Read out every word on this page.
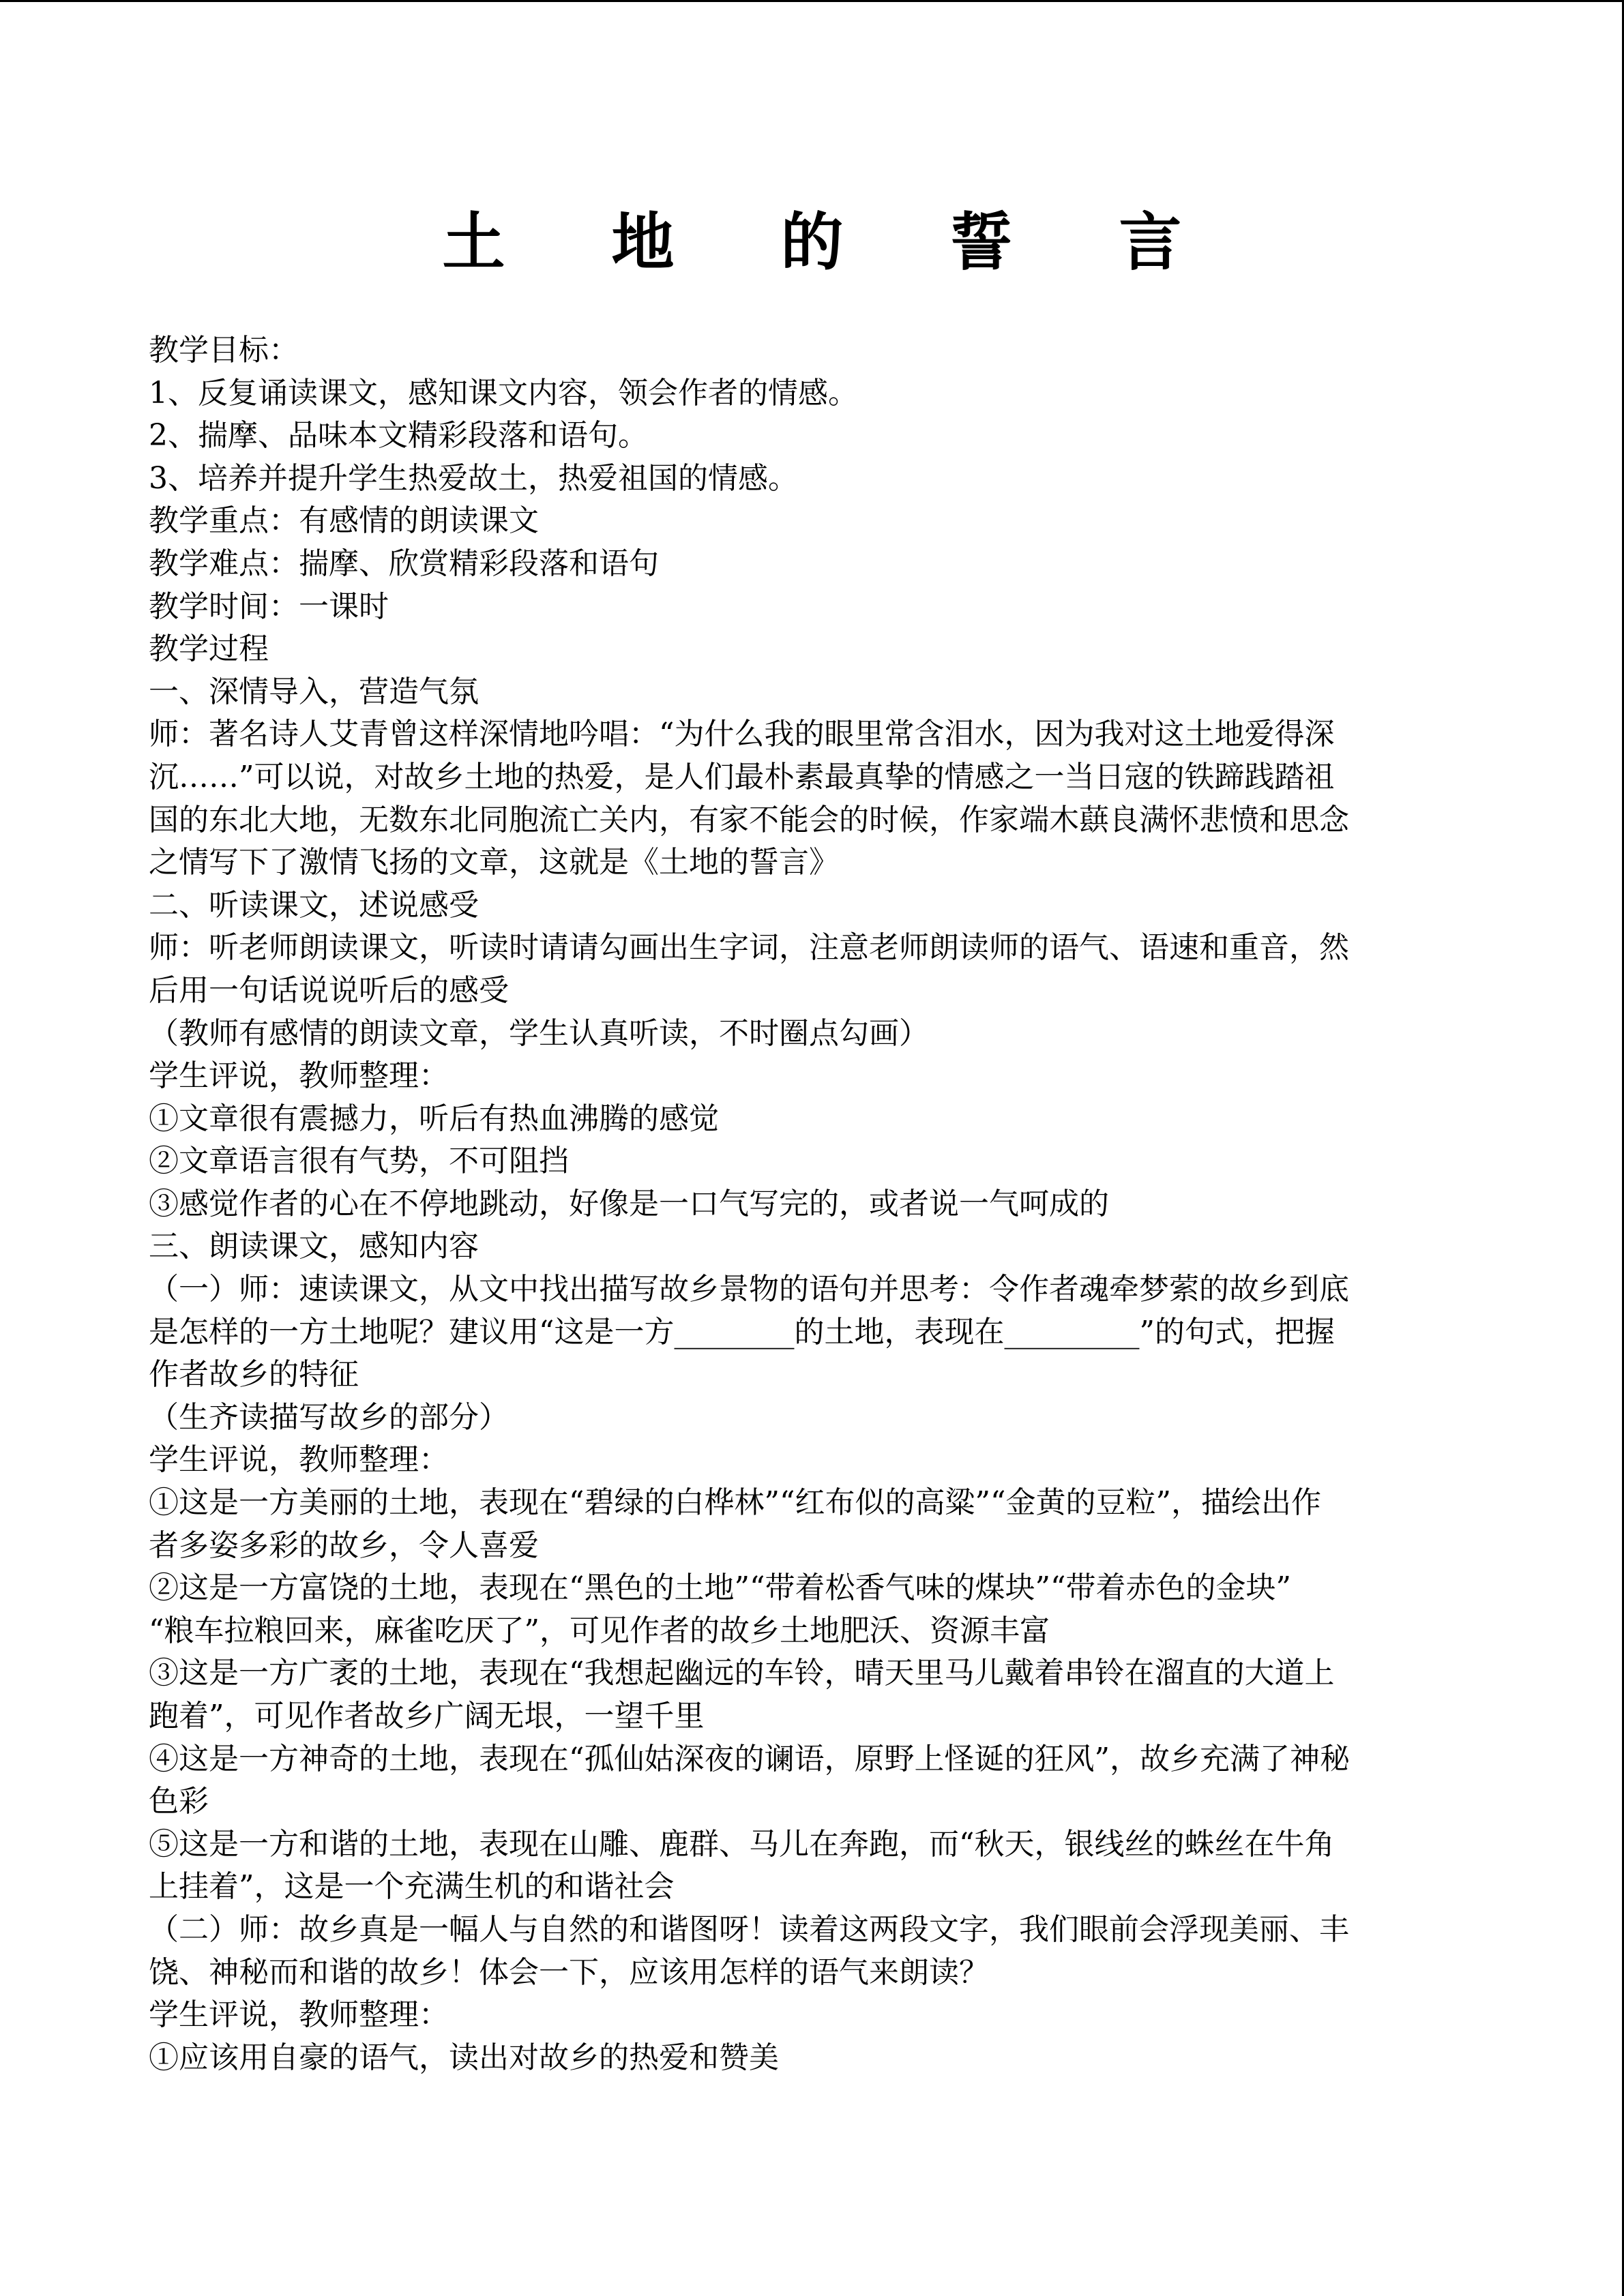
土 地 的 誓 言
教学目标：
1、反复诵读课文，感知课文内容，领会作者的情感。
2、揣摩、品味本文精彩段落和语句。
3、培养并提升学生热爱故土，热爱祖国的情感。
教学重点：有感情的朗读课文
教学难点：揣摩、欣赏精彩段落和语句
教学时间：一课时
教学过程
一、深情导入，营造气氛
师：著名诗人艾青曾这样深情地吟唱：“为什么我的眼里常含泪水，因为我对这土地爱得深
沉……”可以说，对故乡土地的热爱，是人们最朴素最真挚的情感之一当日寇的铁蹄践踏祖
国的东北大地，无数东北同胞流亡关内，有家不能会的时候，作家端木蕻良满怀悲愤和思念
之情写下了激情飞扬的文章，这就是《土地的誓言》
二、听读课文，述说感受
师：听老师朗读课文，听读时请请勾画出生字词，注意老师朗读师的语气、语速和重音，然
后用一句话说说听后的感受
（教师有感情的朗读文章，学生认真听读，不时圈点勾画）
学生评说，教师整理：
①文章很有震撼力，听后有热血沸腾的感觉
②文章语言很有气势，不可阻挡
③感觉作者的心在不停地跳动，好像是一口气写完的，或者说一气呵成的
三、朗读课文，感知内容
（一）师：速读课文，从文中找出描写故乡景物的语句并思考：令作者魂牵梦萦的故乡到底
是怎样的一方土地呢？建议用“这是一方________的土地，表现在_________”的句式，把握
作者故乡的特征
（生齐读描写故乡的部分）
学生评说，教师整理：
①这是一方美丽的土地，表现在“碧绿的白桦林”“红布似的高粱”“金黄的豆粒”，描绘出作
者多姿多彩的故乡，令人喜爱
②这是一方富饶的土地，表现在“黑色的土地”“带着松香气味的煤块”“带着赤色的金块”
“粮车拉粮回来，麻雀吃厌了”，可见作者的故乡土地肥沃、资源丰富
③这是一方广袤的土地，表现在“我想起幽远的车铃，晴天里马儿戴着串铃在溜直的大道上
跑着”，可见作者故乡广阔无垠，一望千里
④这是一方神奇的土地，表现在“孤仙姑深夜的谰语，原野上怪诞的狂风”，故乡充满了神秘
色彩
⑤这是一方和谐的土地，表现在山雕、鹿群、马儿在奔跑，而“秋天，银线丝的蛛丝在牛角
上挂着”，这是一个充满生机的和谐社会
（二）师：故乡真是一幅人与自然的和谐图呀！读着这两段文字，我们眼前会浮现美丽、丰
饶、神秘而和谐的故乡！体会一下，应该用怎样的语气来朗读？
学生评说，教师整理：
①应该用自豪的语气，读出对故乡的热爱和赞美
